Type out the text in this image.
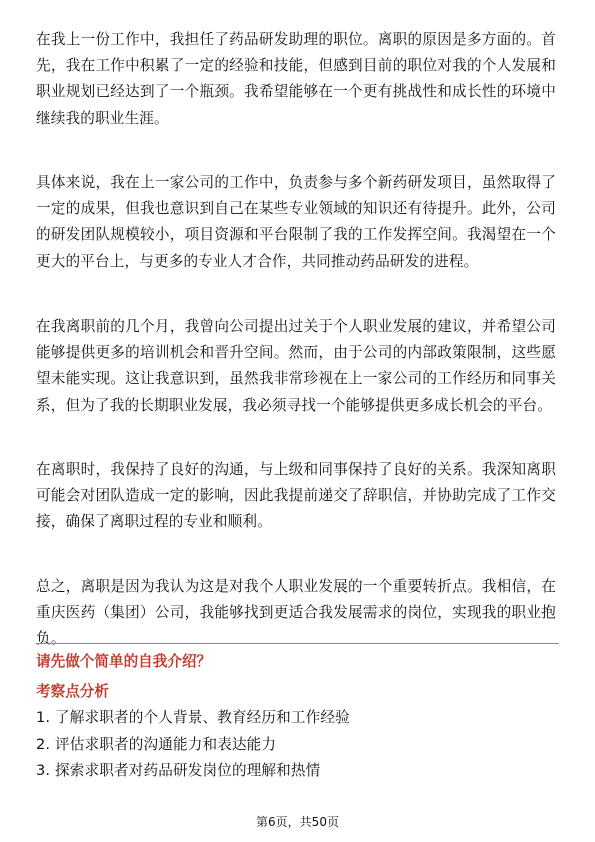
在我上一份工作中，我担任了药品研发助理的职位。离职的原因是多方面的。首先，我在工作中积累了一定的经验和技能，但感到目前的职位对我的个人发展和职业规划已经达到了一个瓶颈。我希望能够在一个更有挑战性和成长性的环境中继续我的职业生涯。

具体来说，我在上一家公司的工作中，负责参与多个新药研发项目，虽然取得了一定的成果，但我也意识到自己在某些专业领域的知识还有待提升。此外，公司的研发团队规模较小，项目资源和平台限制了我的工作发挥空间。我渴望在一个更大的平台上，与更多的专业人才合作，共同推动药品研发的进程。

在我离职前的几个月，我曾向公司提出过关于个人职业发展的建议，并希望公司能够提供更多的培训机会和晋升空间。然而，由于公司的内部政策限制，这些愿望未能实现。这让我意识到，虽然我非常珍视在上一家公司的工作经历和同事关系，但为了我的长期职业发展，我必须寻找一个能够提供更多成长机会的平台。

在离职时，我保持了良好的沟通，与上级和同事保持了良好的关系。我深知离职可能会对团队造成一定的影响，因此我提前递交了辞职信，并协助完成了工作交接，确保了离职过程的专业和顺利。

总之，离职是因为我认为这是对我个人职业发展的一个重要转折点。我相信，在重庆医药（集团）公司，我能够找到更适合我发展需求的岗位，实现我的职业抱负。

请先做个简单的自我介绍？

考察点分析

1. 了解求职者的个人背景、教育经历和工作经验
2. 评估求职者的沟通能力和表达能力
3. 探索求职者对药品研发岗位的理解和热情
第6页，共50页
